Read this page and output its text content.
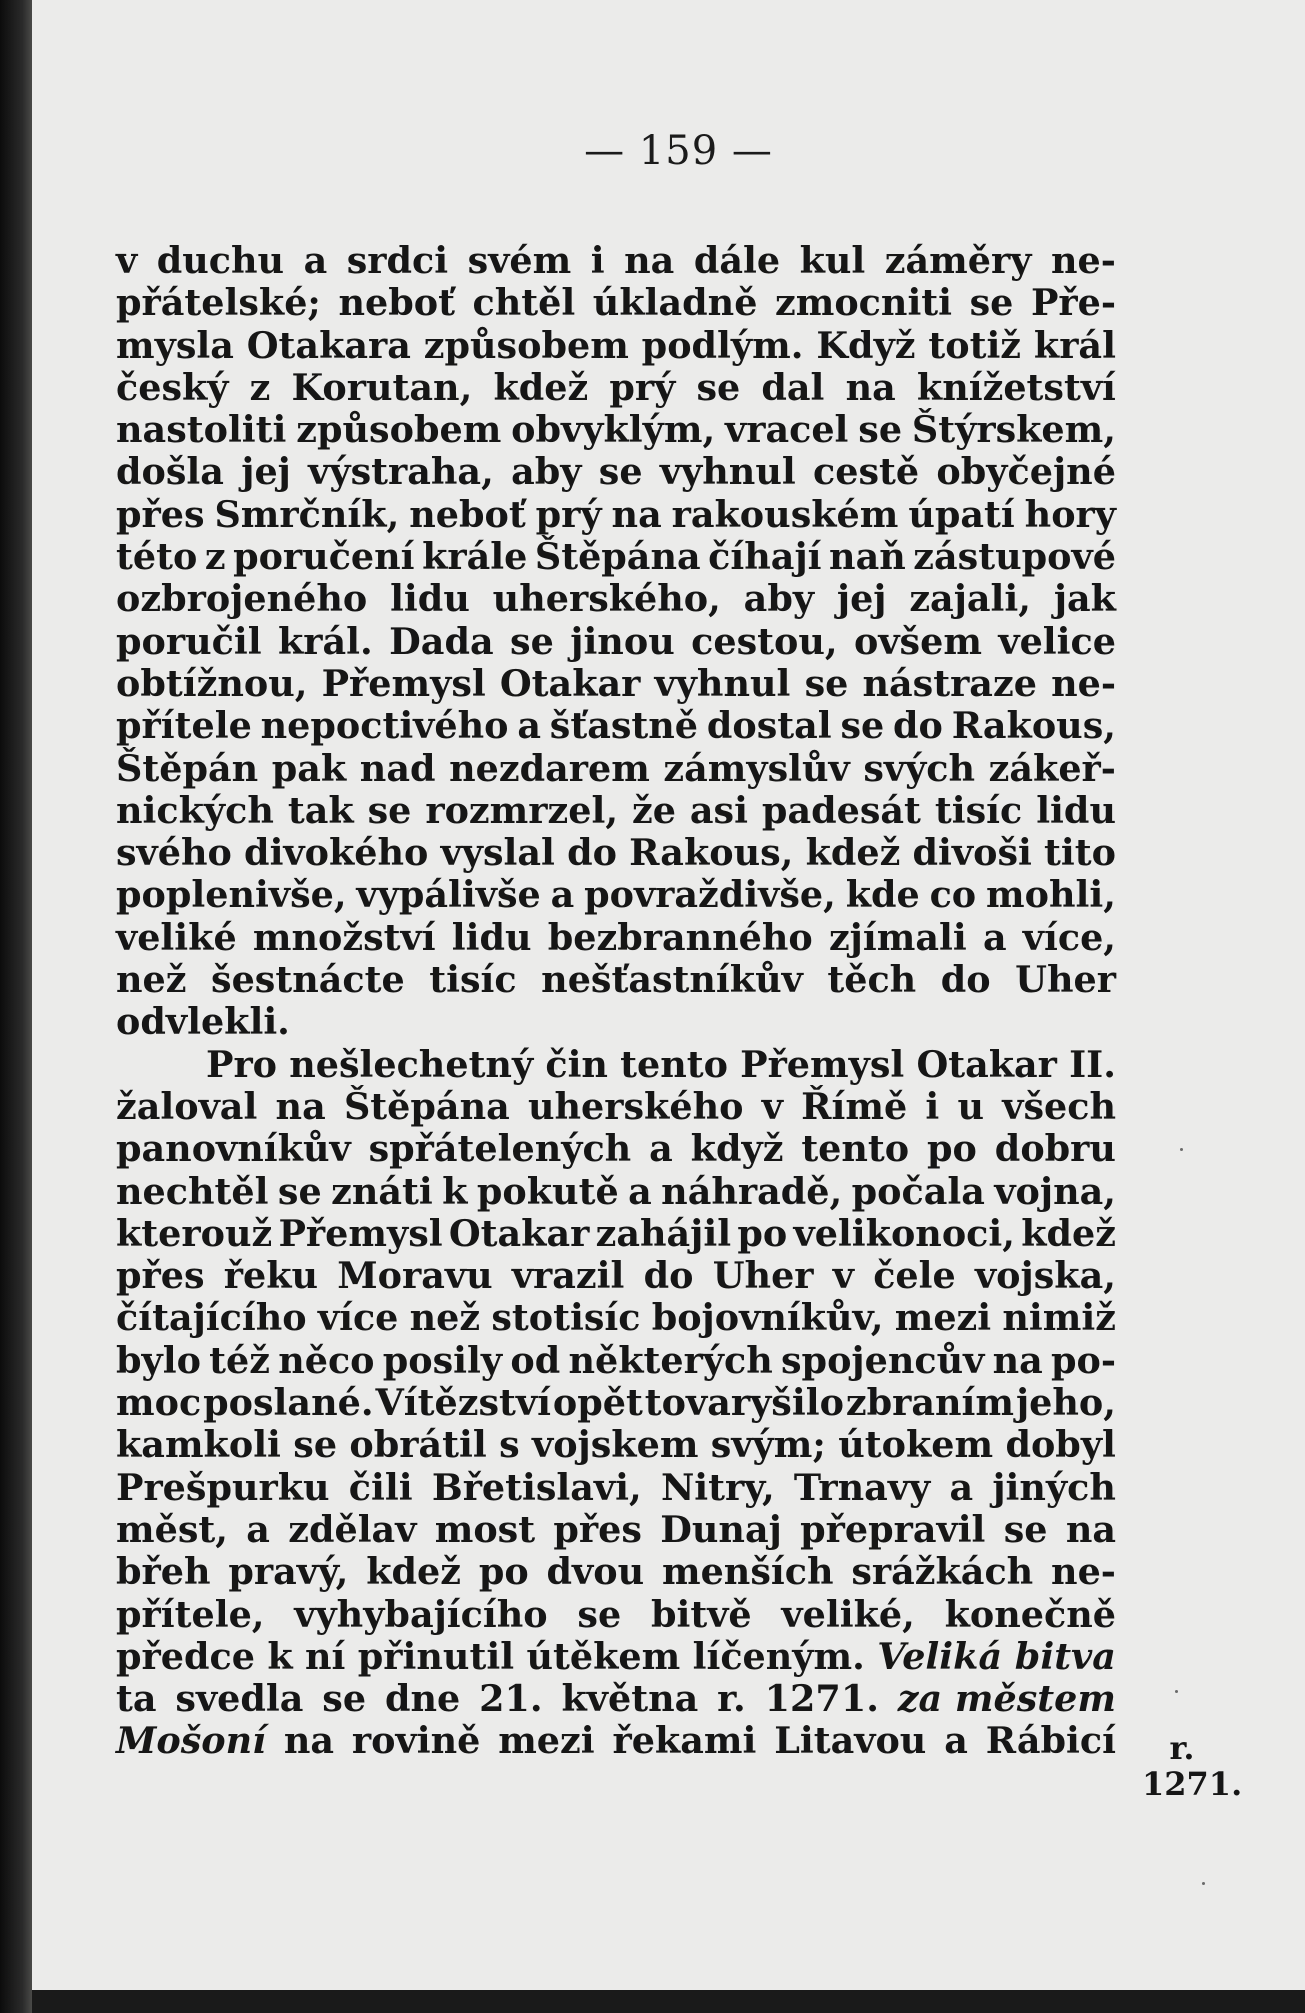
— 159 —
v duchu a srdci svém i na dále kul záměry ne-
přátelské; neboť chtěl úkladně zmocniti se Pře-
mysla Otakara způsobem podlým. Když totiž král
český z Korutan, kdež prý se dal na knížetství
nastoliti způsobem obvyklým, vracel se Štýrskem,
došla jej výstraha, aby se vyhnul cestě obyčejné
přes Smrčník, neboť prý na rakouském úpatí hory
této z poručení krále Štěpána číhají naň zástupové
ozbrojeného lidu uherského, aby jej zajali, jak
poručil král. Dada se jinou cestou, ovšem velice
obtížnou, Přemysl Otakar vyhnul se nástraze ne-
přítele nepoctivého a šťastně dostal se do Rakous,
Štěpán pak nad nezdarem zámyslův svých zákeř-
nických tak se rozmrzel, že asi padesát tisíc lidu
svého divokého vyslal do Rakous, kdež divoši tito
poplenivše, vypálivše a povraždivše, kde co mohli,
veliké množství lidu bezbranného zjímali a více,
než šestnácte tisíc nešťastníkův těch do Uher
odvlekli.
Pro nešlechetný čin tento Přemysl Otakar II.
žaloval na Štěpána uherského v Římě i u všech
panovníkův spřátelených a když tento po dobru
nechtěl se znáti k pokutě a náhradě, počala vojna,
kterouž Přemysl Otakar zahájil po velikonoci, kdež
přes řeku Moravu vrazil do Uher v čele vojska,
čítajícího více než stotisíc bojovníkův, mezi nimiž
bylo též něco posily od některých spojencův na po-
moc poslané. Vítězství opět tovaryšilo zbraním jeho,
kamkoli se obrátil s vojskem svým; útokem dobyl
Prešpurku čili Břetislavi, Nitry, Trnavy a jiných
měst, a zdělav most přes Dunaj přepravil se na
břeh pravý, kdež po dvou menších srážkách ne-
přítele, vyhybajícího se bitvě veliké, konečně
předce k ní přinutil útěkem líčeným. Veliká bitva
ta svedla se dne 21. května r. 1271. za městem
Mošoní na rovině mezi řekami Litavou a Rábicí	r.
1271.
